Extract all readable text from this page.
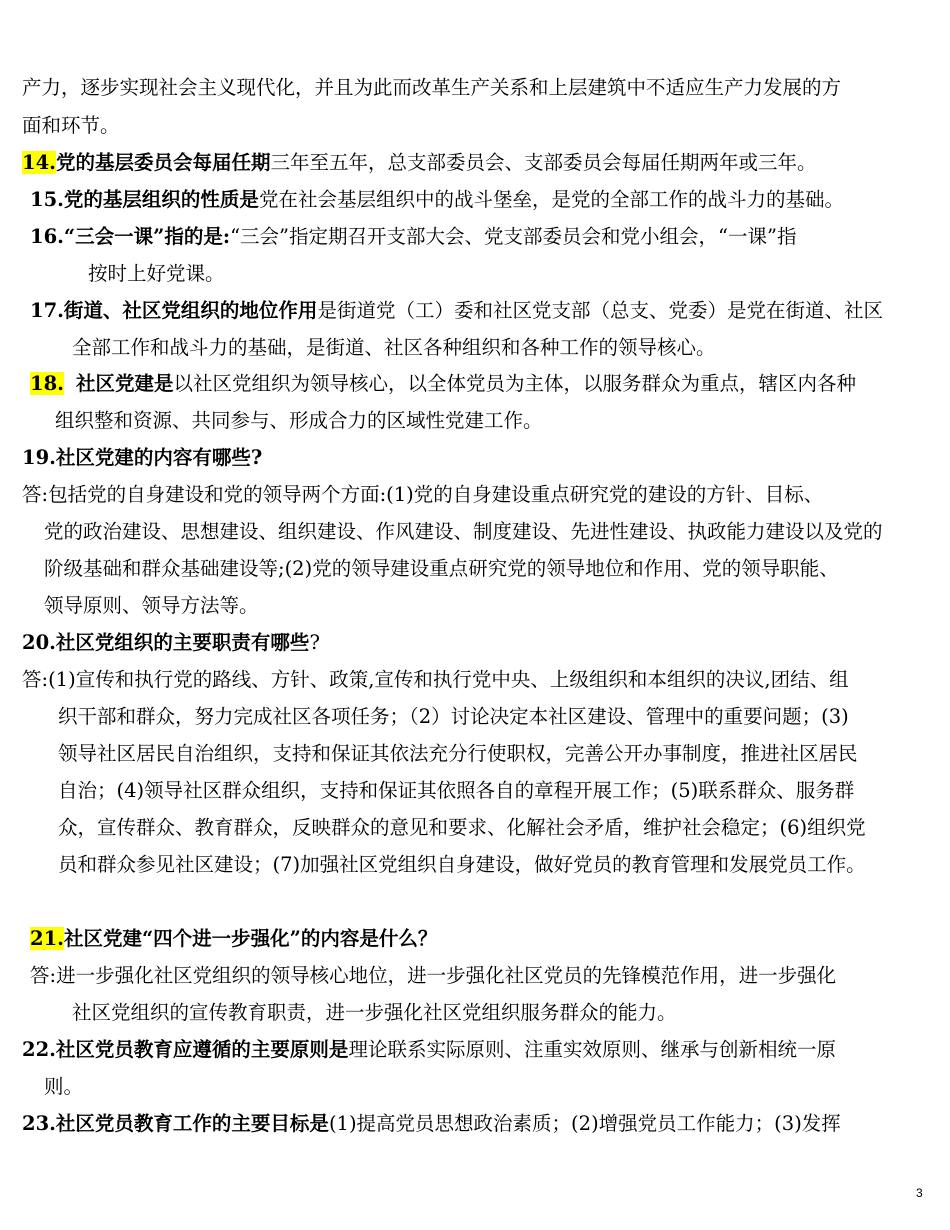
产力，逐步实现社会主义现代化，并且为此而改革生产关系和上层建筑中不适应生产力发展的方
面和环节。
14.党的基层委员会每届任期三年至五年，总支部委员会、支部委员会每届任期两年或三年。
15.党的基层组织的性质是党在社会基层组织中的战斗堡垒，是党的全部工作的战斗力的基础。
16.“三会一课”指的是:“三会”指定期召开支部大会、党支部委员会和党小组会，“一课”指
按时上好党课。
17.街道、社区党组织的地位作用是街道党（工）委和社区党支部（总支、党委）是党在街道、社区
全部工作和战斗力的基础，是街道、社区各种组织和各种工作的领导核心。
18. 社区党建是以社区党组织为领导核心，以全体党员为主体，以服务群众为重点，辖区内各种
组织整和资源、共同参与、形成合力的区域性党建工作。
19.社区党建的内容有哪些?
答:包括党的自身建设和党的领导两个方面:(1)党的自身建设重点研究党的建设的方针、目标、
党的政治建设、思想建设、组织建设、作风建设、制度建设、先进性建设、执政能力建设以及党的
阶级基础和群众基础建设等;(2)党的领导建设重点研究党的领导地位和作用、党的领导职能、
领导原则、领导方法等。
20.社区党组织的主要职责有哪些?
答:(1)宣传和执行党的路线、方针、政策,宣传和执行党中央、上级组织和本组织的决议,团结、组
织干部和群众，努力完成社区各项任务；（2）讨论决定本社区建设、管理中的重要问题；(3)
领导社区居民自治组织，支持和保证其依法充分行使职权，完善公开办事制度，推进社区居民
自治；(4)领导社区群众组织，支持和保证其依照各自的章程开展工作；(5)联系群众、服务群
众，宣传群众、教育群众，反映群众的意见和要求、化解社会矛盾，维护社会稳定；(6)组织党
员和群众参见社区建设；(7)加强社区党组织自身建设，做好党员的教育管理和发展党员工作。
21.社区党建“四个进一步强化”的内容是什么？
答:进一步强化社区党组织的领导核心地位，进一步强化社区党员的先锋模范作用，进一步强化
社区党组织的宣传教育职责，进一步强化社区党组织服务群众的能力。
22.社区党员教育应遵循的主要原则是理论联系实际原则、注重实效原则、继承与创新相统一原
则。
23.社区党员教育工作的主要目标是(1)提高党员思想政治素质；(2)增强党员工作能力；(3)发挥
3
